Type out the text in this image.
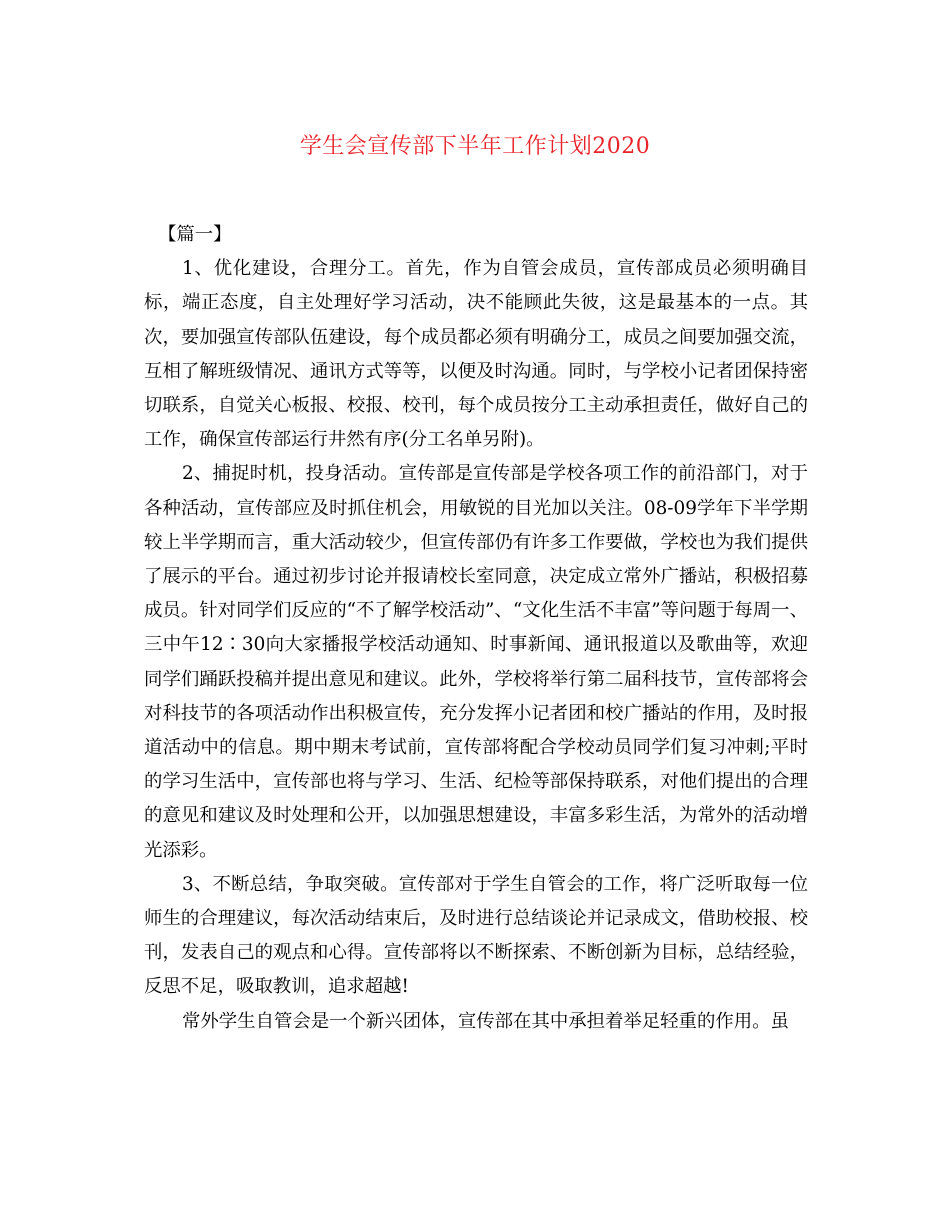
学生会宣传部下半年工作计划2020

【篇一】

1、优化建设，合理分工。首先，作为自管会成员，宣传部成员必须明确目标，端正态度，自主处理好学习活动，决不能顾此失彼，这是最基本的一点。其次，要加强宣传部队伍建设，每个成员都必须有明确分工，成员之间要加强交流，互相了解班级情况、通讯方式等等，以便及时沟通。同时，与学校小记者团保持密切联系，自觉关心板报、校报、校刊，每个成员按分工主动承担责任，做好自己的工作，确保宣传部运行井然有序(分工名单另附)。

2、捕捉时机，投身活动。宣传部是宣传部是学校各项工作的前沿部门，对于各种活动，宣传部应及时抓住机会，用敏锐的目光加以关注。08-09学年下半学期较上半学期而言，重大活动较少，但宣传部仍有许多工作要做，学校也为我们提供了展示的平台。通过初步讨论并报请校长室同意，决定成立常外广播站，积极招募成员。针对同学们反应的“不了解学校活动”、“文化生活不丰富”等问题于每周一、三中午12∶30向大家播报学校活动通知、时事新闻、通讯报道以及歌曲等，欢迎同学们踊跃投稿并提出意见和建议。此外，学校将举行第二届科技节，宣传部将会对科技节的各项活动作出积极宣传，充分发挥小记者团和校广播站的作用，及时报道活动中的信息。期中期末考试前，宣传部将配合学校动员同学们复习冲刺;平时的学习生活中，宣传部也将与学习、生活、纪检等部保持联系，对他们提出的合理的意见和建议及时处理和公开，以加强思想建设，丰富多彩生活，为常外的活动增光添彩。

3、不断总结，争取突破。宣传部对于学生自管会的工作，将广泛听取每一位师生的合理建议，每次活动结束后，及时进行总结谈论并记录成文，借助校报、校刊，发表自己的观点和心得。宣传部将以不断探索、不断创新为目标，总结经验，反思不足，吸取教训，追求超越!

常外学生自管会是一个新兴团体，宣传部在其中承担着举足轻重的作用。虽
